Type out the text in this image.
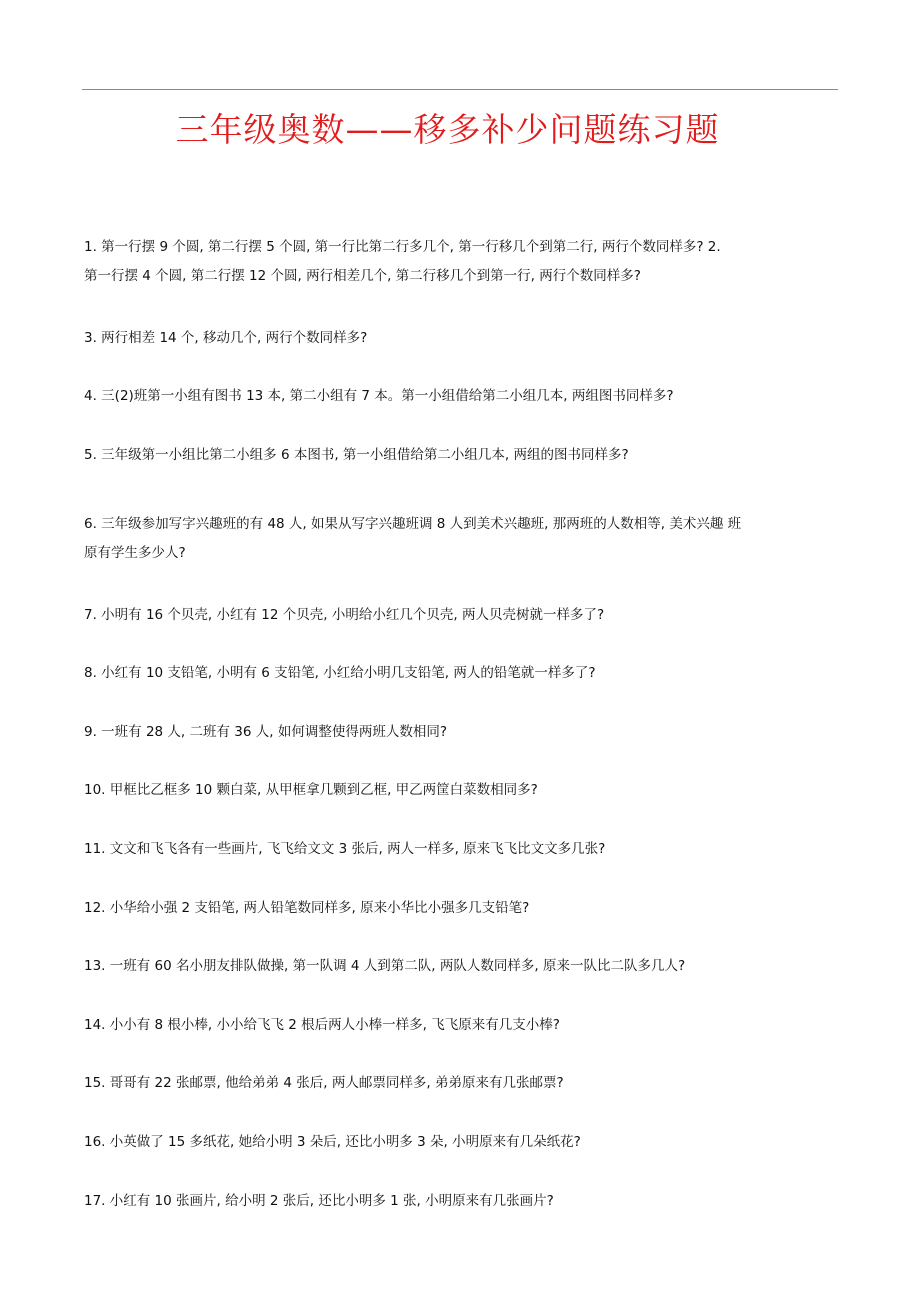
三年级奥数——移多补少问题练习题
1. 第一行摆 9 个圆, 第二行摆 5 个圆, 第一行比第二行多几个, 第一行移几个到第二行, 两行个数同样多? 2.
第一行摆 4 个圆, 第二行摆 12 个圆, 两行相差几个, 第二行移几个到第一行, 两行个数同样多?
3. 两行相差 14 个, 移动几个, 两行个数同样多?
4. 三(2)班第一小组有图书 13 本, 第二小组有 7 本。第一小组借给第二小组几本, 两组图书同样多?
5. 三年级第一小组比第二小组多 6 本图书, 第一小组借给第二小组几本, 两组的图书同样多?
6. 三年级参加写字兴趣班的有 48 人, 如果从写字兴趣班调 8 人到美术兴趣班, 那两班的人数相等, 美术兴趣 班
原有学生多少人?
7. 小明有 16 个贝壳, 小红有 12 个贝壳, 小明给小红几个贝壳, 两人贝壳树就一样多了?
8. 小红有 10 支铅笔, 小明有 6 支铅笔, 小红给小明几支铅笔, 两人的铅笔就一样多了?
9. 一班有 28 人, 二班有 36 人, 如何调整使得两班人数相同?
10. 甲框比乙框多 10 颗白菜, 从甲框拿几颗到乙框, 甲乙两筐白菜数相同多?
11. 文文和飞飞各有一些画片, 飞飞给文文 3 张后, 两人一样多, 原来飞飞比文文多几张?
12. 小华给小强 2 支铅笔, 两人铅笔数同样多, 原来小华比小强多几支铅笔?
13. 一班有 60 名小朋友排队做操, 第一队调 4 人到第二队, 两队人数同样多, 原来一队比二队多几人?
14. 小小有 8 根小棒, 小小给飞飞 2 根后两人小棒一样多, 飞飞原来有几支小棒?
15. 哥哥有 22 张邮票, 他给弟弟 4 张后, 两人邮票同样多, 弟弟原来有几张邮票?
16. 小英做了 15 多纸花, 她给小明 3 朵后, 还比小明多 3 朵, 小明原来有几朵纸花?
17. 小红有 10 张画片, 给小明 2 张后, 还比小明多 1 张, 小明原来有几张画片?
